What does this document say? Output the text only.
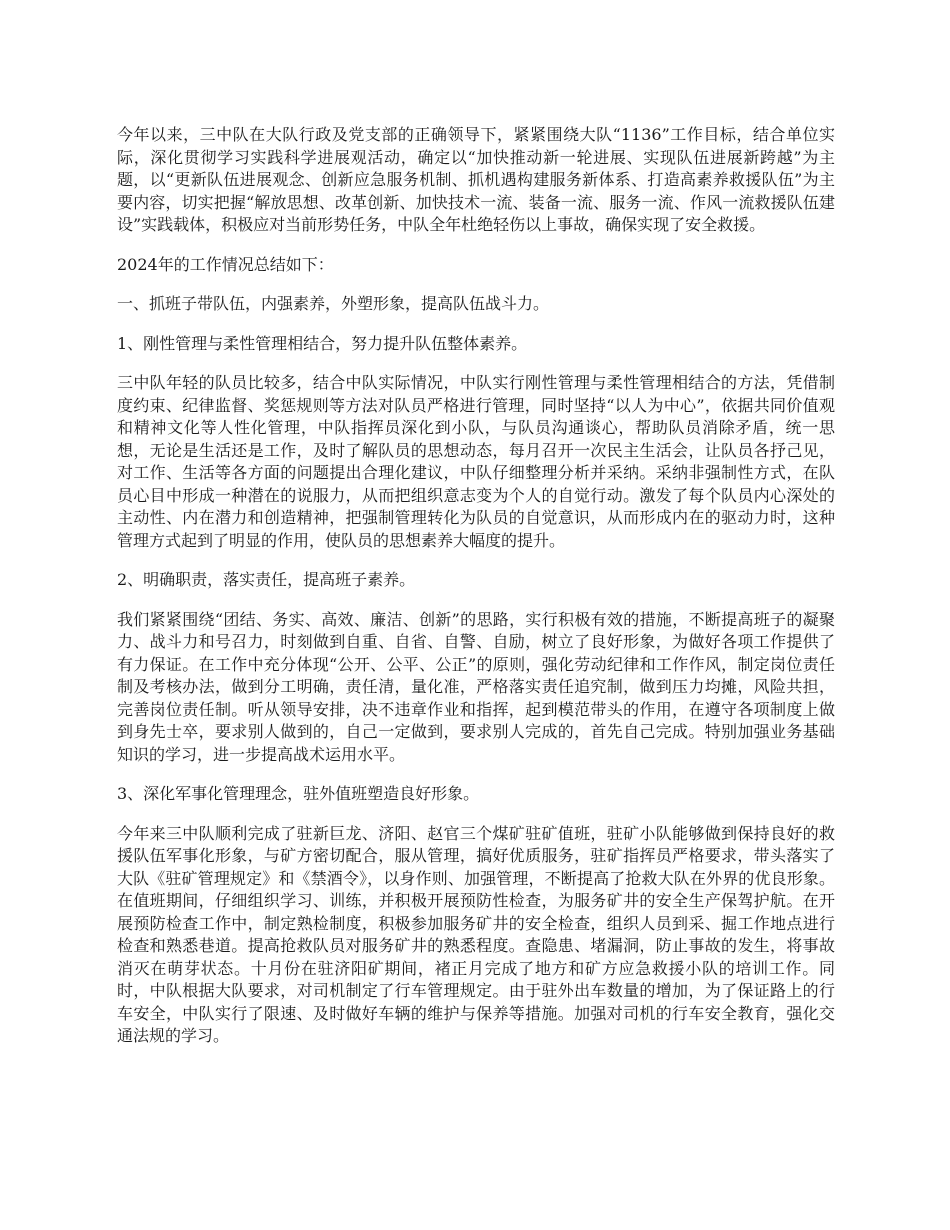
今年以来，三中队在大队行政及党支部的正确领导下，紧紧围绕大队“1136”工作目标，结合单位实际，深化贯彻学习实践科学进展观活动，确定以“加快推动新一轮进展、实现队伍进展新跨越”为主题，以“更新队伍进展观念、创新应急服务机制、抓机遇构建服务新体系、打造高素养救援队伍”为主要内容，切实把握“解放思想、改革创新、加快技术一流、装备一流、服务一流、作风一流救援队伍建设”实践载体，积极应对当前形势任务，中队全年杜绝轻伤以上事故，确保实现了安全救援。

2024年的工作情况总结如下：

一、抓班子带队伍，内强素养，外塑形象，提高队伍战斗力。

1、刚性管理与柔性管理相结合，努力提升队伍整体素养。

三中队年轻的队员比较多，结合中队实际情况，中队实行刚性管理与柔性管理相结合的方法，凭借制度约束、纪律监督、奖惩规则等方法对队员严格进行管理，同时坚持“以人为中心”，依据共同价值观和精神文化等人性化管理，中队指挥员深化到小队，与队员沟通谈心，帮助队员消除矛盾，统一思想，无论是生活还是工作，及时了解队员的思想动态，每月召开一次民主生活会，让队员各抒己见，对工作、生活等各方面的问题提出合理化建议，中队仔细整理分析并采纳。采纳非强制性方式，在队员心目中形成一种潜在的说服力，从而把组织意志变为个人的自觉行动。激发了每个队员内心深处的主动性、内在潜力和创造精神，把强制管理转化为队员的自觉意识，从而形成内在的驱动力时，这种管理方式起到了明显的作用，使队员的思想素养大幅度的提升。

2、明确职责，落实责任，提高班子素养。

我们紧紧围绕“团结、务实、高效、廉洁、创新”的思路，实行积极有效的措施，不断提高班子的凝聚力、战斗力和号召力，时刻做到自重、自省、自警、自励，树立了良好形象，为做好各项工作提供了有力保证。在工作中充分体现“公开、公平、公正”的原则，强化劳动纪律和工作作风，制定岗位责任制及考核办法，做到分工明确，责任清，量化准，严格落实责任追究制，做到压力均摊，风险共担，完善岗位责任制。听从领导安排，决不违章作业和指挥，起到模范带头的作用，在遵守各项制度上做到身先士卒，要求别人做到的，自己一定做到，要求别人完成的，首先自己完成。特别加强业务基础知识的学习，进一步提高战术运用水平。

3、深化军事化管理理念，驻外值班塑造良好形象。

今年来三中队顺利完成了驻新巨龙、济阳、赵官三个煤矿驻矿值班，驻矿小队能够做到保持良好的救援队伍军事化形象，与矿方密切配合，服从管理，搞好优质服务，驻矿指挥员严格要求，带头落实了大队《驻矿管理规定》和《禁酒令》，以身作则、加强管理，不断提高了抢救大队在外界的优良形象。在值班期间，仔细组织学习、训练，并积极开展预防性检查，为服务矿井的安全生产保驾护航。在开展预防检查工作中，制定熟检制度，积极参加服务矿井的安全检查，组织人员到采、掘工作地点进行检查和熟悉巷道。提高抢救队员对服务矿井的熟悉程度。查隐患、堵漏洞，防止事故的发生，将事故消灭在萌芽状态。十月份在驻济阳矿期间，褚正月完成了地方和矿方应急救援小队的培训工作。同时，中队根据大队要求，对司机制定了行车管理规定。由于驻外出车数量的增加，为了保证路上的行车安全，中队实行了限速、及时做好车辆的维护与保养等措施。加强对司机的行车安全教育，强化交通法规的学习。
